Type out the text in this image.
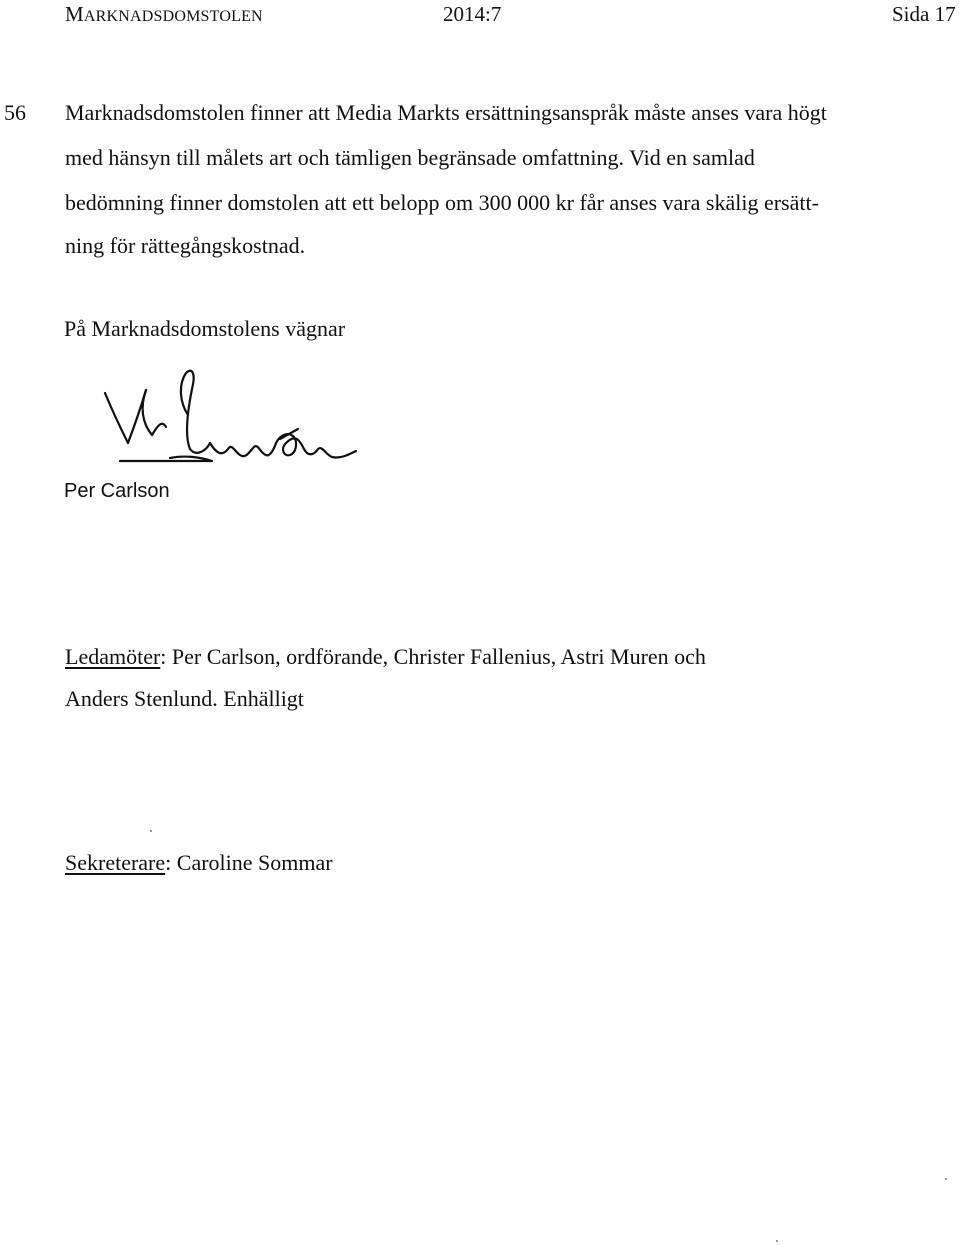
MARKNADSDOMSTOLEN	2014:7	Sida 17
56 Marknadsdomstolen finner att Media Markts ersättningsanspråk måste anses vara högt
med hänsyn till målets art och tämligen begränsade omfattning. Vid en samlad
bedömning finner domstolen att ett belopp om 300 000 kr får anses vara skälig ersätt-
ning för rättegångskostnad.
På Marknadsdomstolens vägnar
Per Carlson
Ledamöter: Per Carlson, ordförande, Christer Fallenius, Astri Muren och
Anders Stenlund. Enhälligt
Sekreterare: Caroline Sommar
